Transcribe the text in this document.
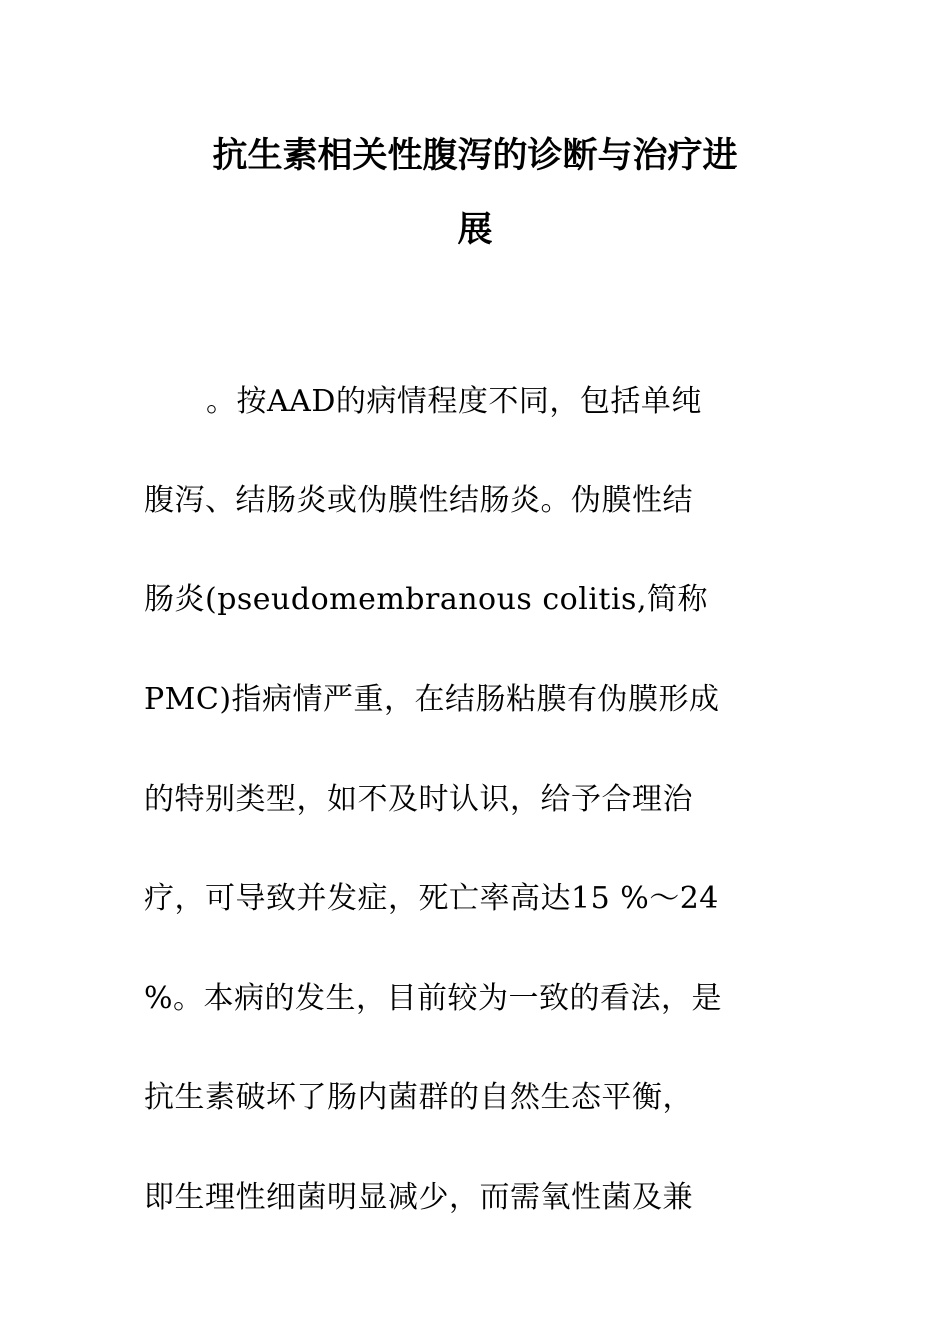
抗生素相关性腹泻的诊断与治疗进
展
。按AAD的病情程度不同，包括单纯
腹泻、结肠炎或伪膜性结肠炎。伪膜性结
肠炎(pseudomembranous colitis,简称
PMC)指病情严重，在结肠粘膜有伪膜形成
的特别类型，如不及时认识，给予合理治
疗，可导致并发症，死亡率高达15 %～24
%。本病的发生，目前较为一致的看法，是
抗生素破坏了肠内菌群的自然生态平衡，
即生理性细菌明显减少，而需氧性菌及兼
